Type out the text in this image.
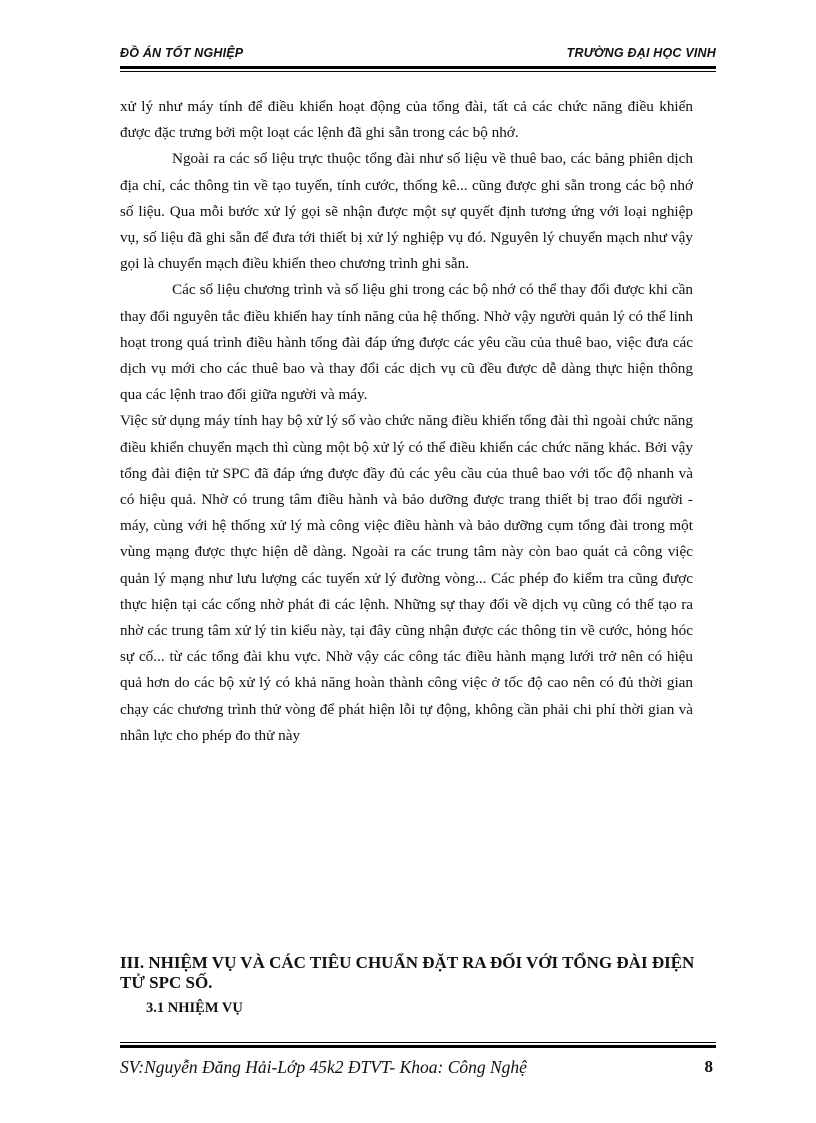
ĐỒ ÁN TỐT NGHIỆP	TRƯỜNG ĐẠI HỌC VINH

xử lý như máy tính để điều khiển hoạt động của tổng đài, tất cả các chức năng điều khiển được đặc trưng bởi một loạt các lệnh đã ghi sẵn trong các bộ nhớ.

Ngoài ra các số liệu trực thuộc tổng đài như số liệu về thuê bao, các bảng phiên dịch địa chỉ, các thông tin về tạo tuyến, tính cước, thống kê... cũng được ghi sẵn trong các bộ nhớ số liệu. Qua mỗi bước xử lý gọi sẽ nhận được một sự quyết định tương ứng với loại nghiệp vụ, số liệu đã ghi sẵn để đưa tới thiết bị xử lý nghiệp vụ đó. Nguyên lý chuyển mạch như vậy gọi là chuyển mạch điều khiển theo chương trình ghi sẵn.

Các số liệu chương trình và số liệu ghi trong các bộ nhớ có thể thay đổi được khi cần thay đổi nguyên tắc điều khiển hay tính năng của hệ thống. Nhờ vậy người quản lý có thể linh hoạt trong quá trình điều hành tổng đài đáp ứng được các yêu cầu của thuê bao, việc đưa các dịch vụ mới cho các thuê bao và thay đổi các dịch vụ cũ đều được dễ dàng thực hiện thông qua các lệnh trao đổi giữa người và máy.

Việc sử dụng máy tính hay bộ xử lý số vào chức năng điều khiển tổng đài thì ngoài chức năng điều khiển chuyển mạch thì cùng một bộ xử lý có thể điều khiển các chức năng khác. Bởi vậy tổng đài điện tử SPC đã đáp ứng được đầy đủ các yêu cầu của thuê bao với tốc độ nhanh và có hiệu quả. Nhờ có trung tâm điều hành và bảo dưỡng được trang thiết bị trao đổi người - máy, cùng với hệ thống xử lý mà công việc điều hành và bảo dưỡng cụm tổng đài trong một vùng mạng được thực hiện dễ dàng. Ngoài ra các trung tâm này còn bao quát cả công việc quản lý mạng như lưu lượng các tuyến xử lý đường vòng... Các phép đo kiểm tra cũng được thực hiện tại các cổng nhờ phát đi các lệnh. Những sự thay đổi về dịch vụ cũng có thể tạo ra nhờ các trung tâm xử lý tin kiểu này, tại đây cũng nhận được các thông tin về cước, hỏng hóc sự cố... từ các tổng đài khu vực. Nhờ vậy các công tác điều hành mạng lưới trở nên có hiệu quả hơn do các bộ xử lý có khả năng hoàn thành công việc ở tốc độ cao nên có đủ thời gian chạy các chương trình thử vòng để phát hiện lỗi tự động, không cần phải chi phí thời gian và nhân lực cho phép đo thử này

III. NHIỆM VỤ VÀ CÁC TIÊU CHUẨN ĐẶT RA ĐỐI VỚI TỔNG ĐÀI ĐIỆN TỬ SPC SỐ.
3.1 NHIỆM VỤ
SV:Nguyễn Đăng Hải-Lớp 45k2 ĐTVT- Khoa: Công Nghệ	8
